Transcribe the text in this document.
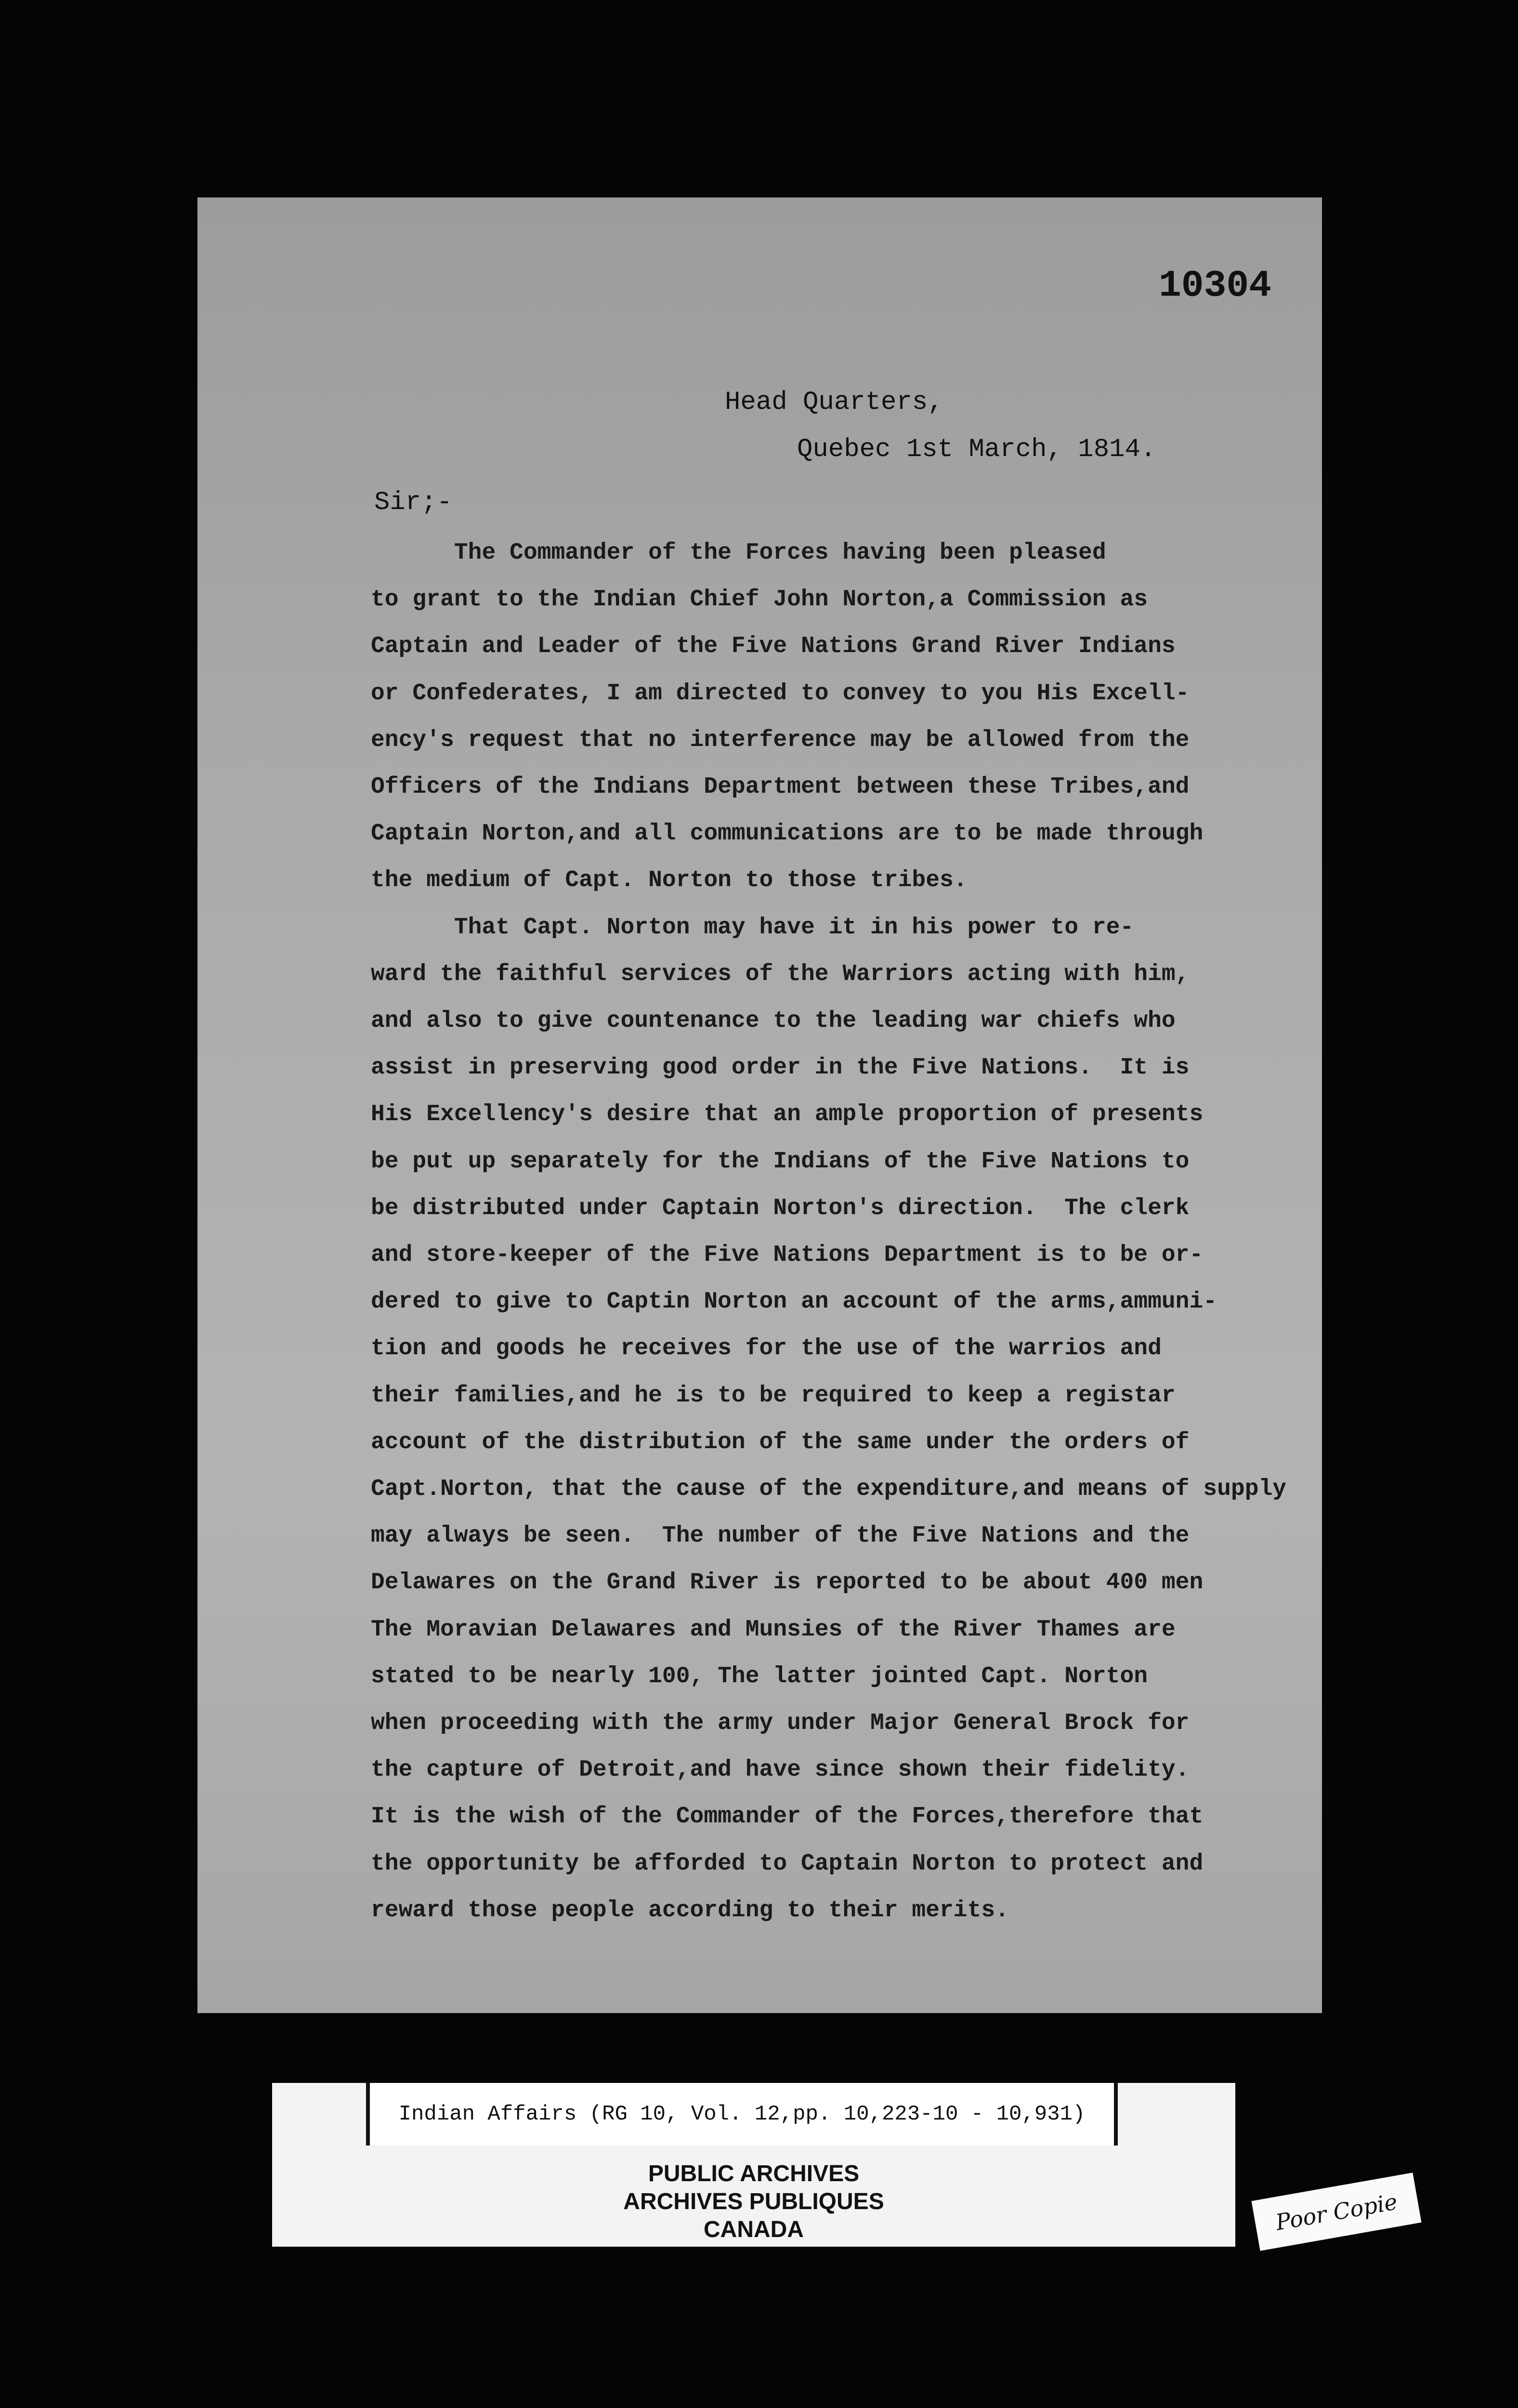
10304
Head Quarters,
Quebec 1st March, 1814.
Sir;-
The Commander of the Forces having been pleased
to grant to the Indian Chief John Norton,a Commission as
Captain and Leader of the Five Nations Grand River Indians
or Confederates, I am directed to convey to you His Excell-
ency's request that no interference may be allowed from the
Officers of the Indians Department between these Tribes,and
Captain Norton,and all communications are to be made through
the medium of Capt. Norton to those tribes.
That Capt. Norton may have it in his power to re-
ward the faithful services of the Warriors acting with him,
and also to give countenance to the leading war chiefs who
assist in preserving good order in the Five Nations.  It is
His Excellency's desire that an ample proportion of presents
be put up separately for the Indians of the Five Nations to
be distributed under Captain Norton's direction.  The clerk
and store-keeper of the Five Nations Department is to be or-
dered to give to Captin Norton an account of the arms,ammuni-
tion and goods he receives for the use of the warrios and
their families,and he is to be required to keep a registar
account of the distribution of the same under the orders of
Capt.Norton, that the cause of the expenditure,and means of supply
may always be seen.  The number of the Five Nations and the
Delawares on the Grand River is reported to be about 400 men
The Moravian Delawares and Munsies of the River Thames are
stated to be nearly 100, The latter jointed Capt. Norton
when proceeding with the army under Major General Brock for
the capture of Detroit,and have since shown their fidelity.
It is the wish of the Commander of the Forces,therefore that
the opportunity be afforded to Captain Norton to protect and
reward those people according to their merits.
Indian Affairs (RG 10, Vol. 12,pp. 10,223-10 - 10,931)
PUBLIC ARCHIVES
ARCHIVES PUBLIQUES
CANADA	Poor Copie
